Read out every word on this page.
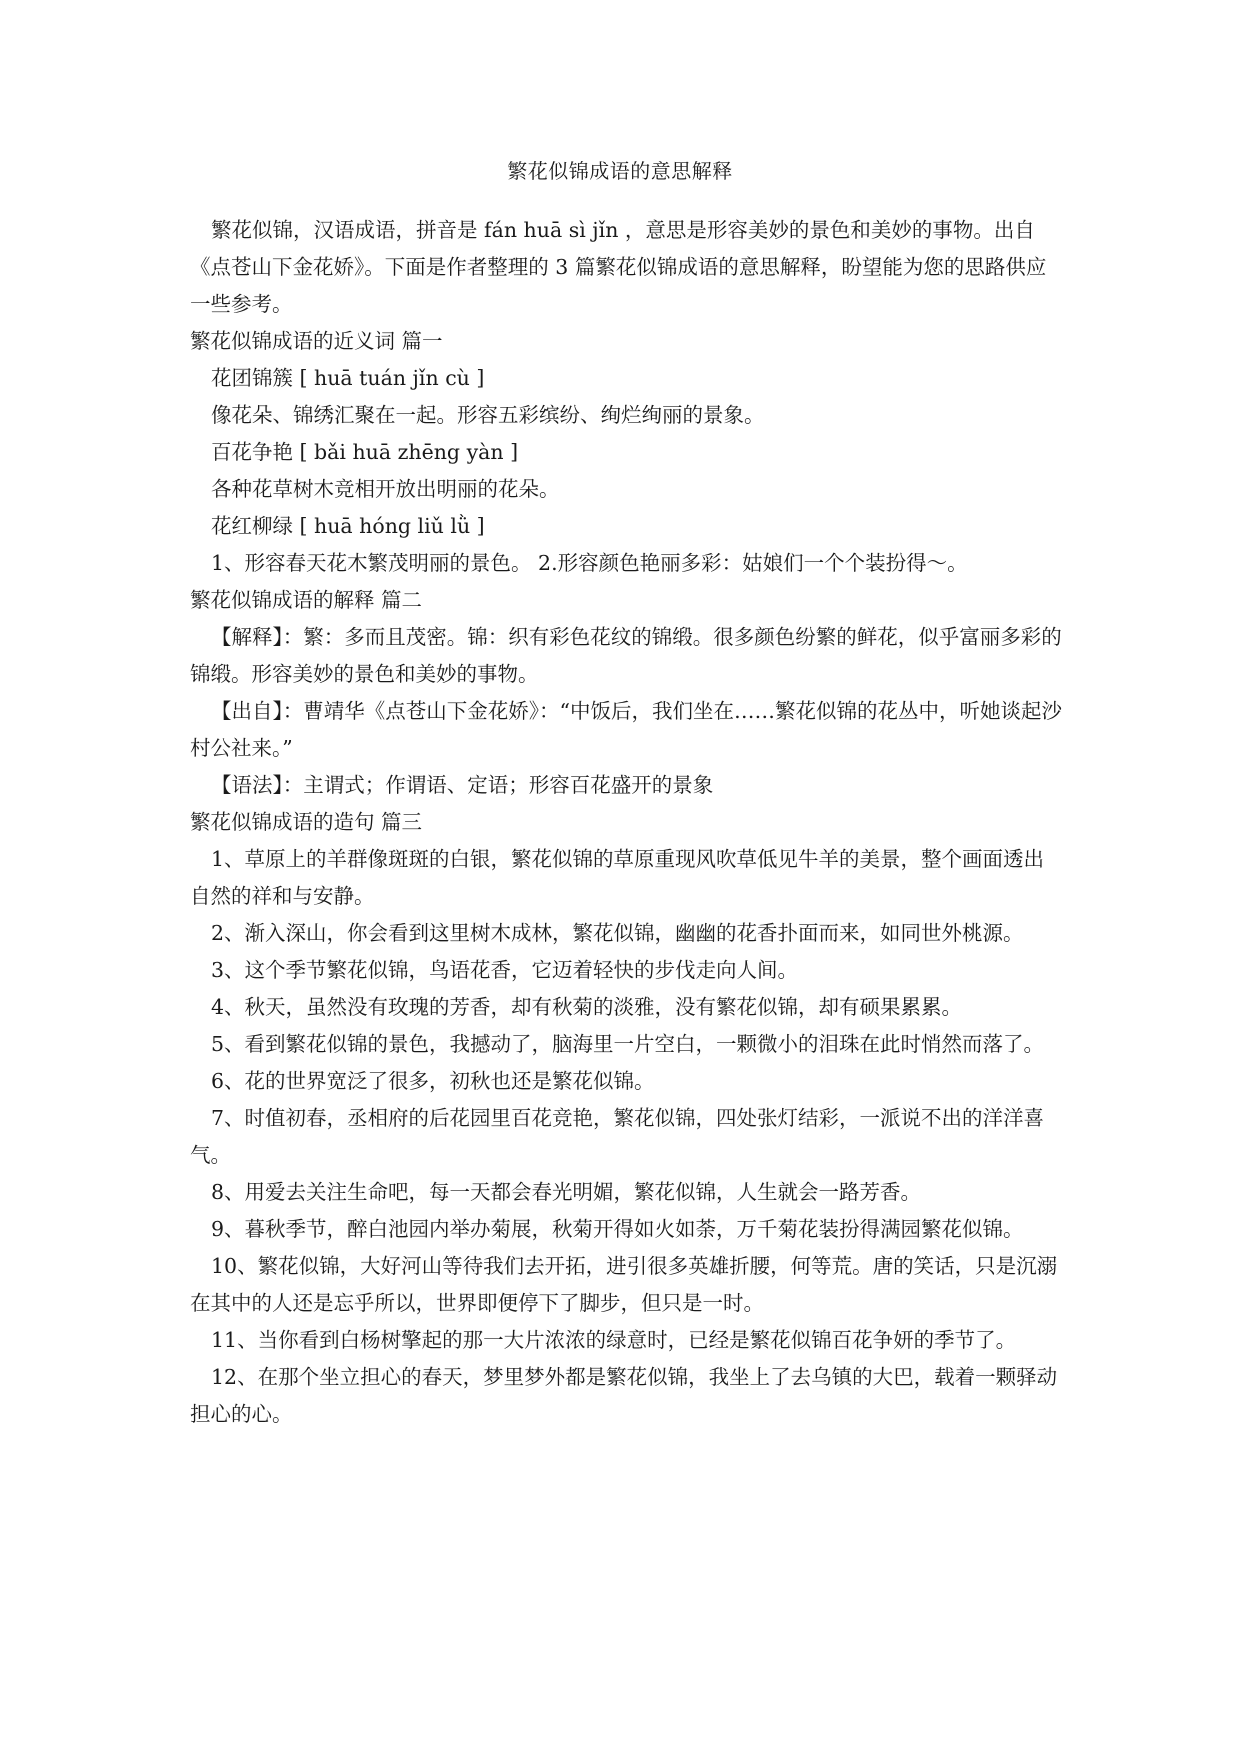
繁花似锦成语的意思解释

繁花似锦，汉语成语，拼音是 fán huā sì jǐn ，意思是形容美妙的景色和美妙的事物。出自《点苍山下金花娇》。下面是作者整理的 3 篇繁花似锦成语的意思解释，盼望能为您的思路供应一些参考。

繁花似锦成语的近义词 篇一

花团锦簇 [ huā tuán jǐn cù ]

像花朵、锦绣汇聚在一起。形容五彩缤纷、绚烂绚丽的景象。

百花争艳 [ bǎi huā zhēng yàn ]

各种花草树木竞相开放出明丽的花朵。

花红柳绿 [ huā hóng liǔ lǜ ]

1、形容春天花木繁茂明丽的景色。 2.形容颜色艳丽多彩：姑娘们一个个装扮得～。

繁花似锦成语的解释 篇二

【解释】：繁：多而且茂密。锦：织有彩色花纹的锦缎。很多颜色纷繁的鲜花，似乎富丽多彩的锦缎。形容美妙的景色和美妙的事物。

【出自】：曹靖华《点苍山下金花娇》：“中饭后，我们坐在……繁花似锦的花丛中，听她谈起沙村公社来。”

【语法】：主谓式；作谓语、定语；形容百花盛开的景象

繁花似锦成语的造句 篇三

1、草原上的羊群像斑斑的白银，繁花似锦的草原重现风吹草低见牛羊的美景，整个画面透出自然的祥和与安静。

2、渐入深山，你会看到这里树木成林，繁花似锦，幽幽的花香扑面而来，如同世外桃源。

3、这个季节繁花似锦，鸟语花香，它迈着轻快的步伐走向人间。

4、秋天，虽然没有玫瑰的芳香，却有秋菊的淡雅，没有繁花似锦，却有硕果累累。

5、看到繁花似锦的景色，我撼动了，脑海里一片空白，一颗微小的泪珠在此时悄然而落了。

6、花的世界宽泛了很多，初秋也还是繁花似锦。

7、时值初春，丞相府的后花园里百花竞艳，繁花似锦，四处张灯结彩，一派说不出的洋洋喜气。

8、用爱去关注生命吧，每一天都会春光明媚，繁花似锦，人生就会一路芳香。

9、暮秋季节，醉白池园内举办菊展，秋菊开得如火如荼，万千菊花装扮得满园繁花似锦。

10、繁花似锦，大好河山等待我们去开拓，进引很多英雄折腰，何等荒。唐的笑话，只是沉溺在其中的人还是忘乎所以，世界即便停下了脚步，但只是一时。

11、当你看到白杨树擎起的那一大片浓浓的绿意时，已经是繁花似锦百花争妍的季节了。

12、在那个坐立担心的春天，梦里梦外都是繁花似锦，我坐上了去乌镇的大巴，载着一颗驿动担心的心。
